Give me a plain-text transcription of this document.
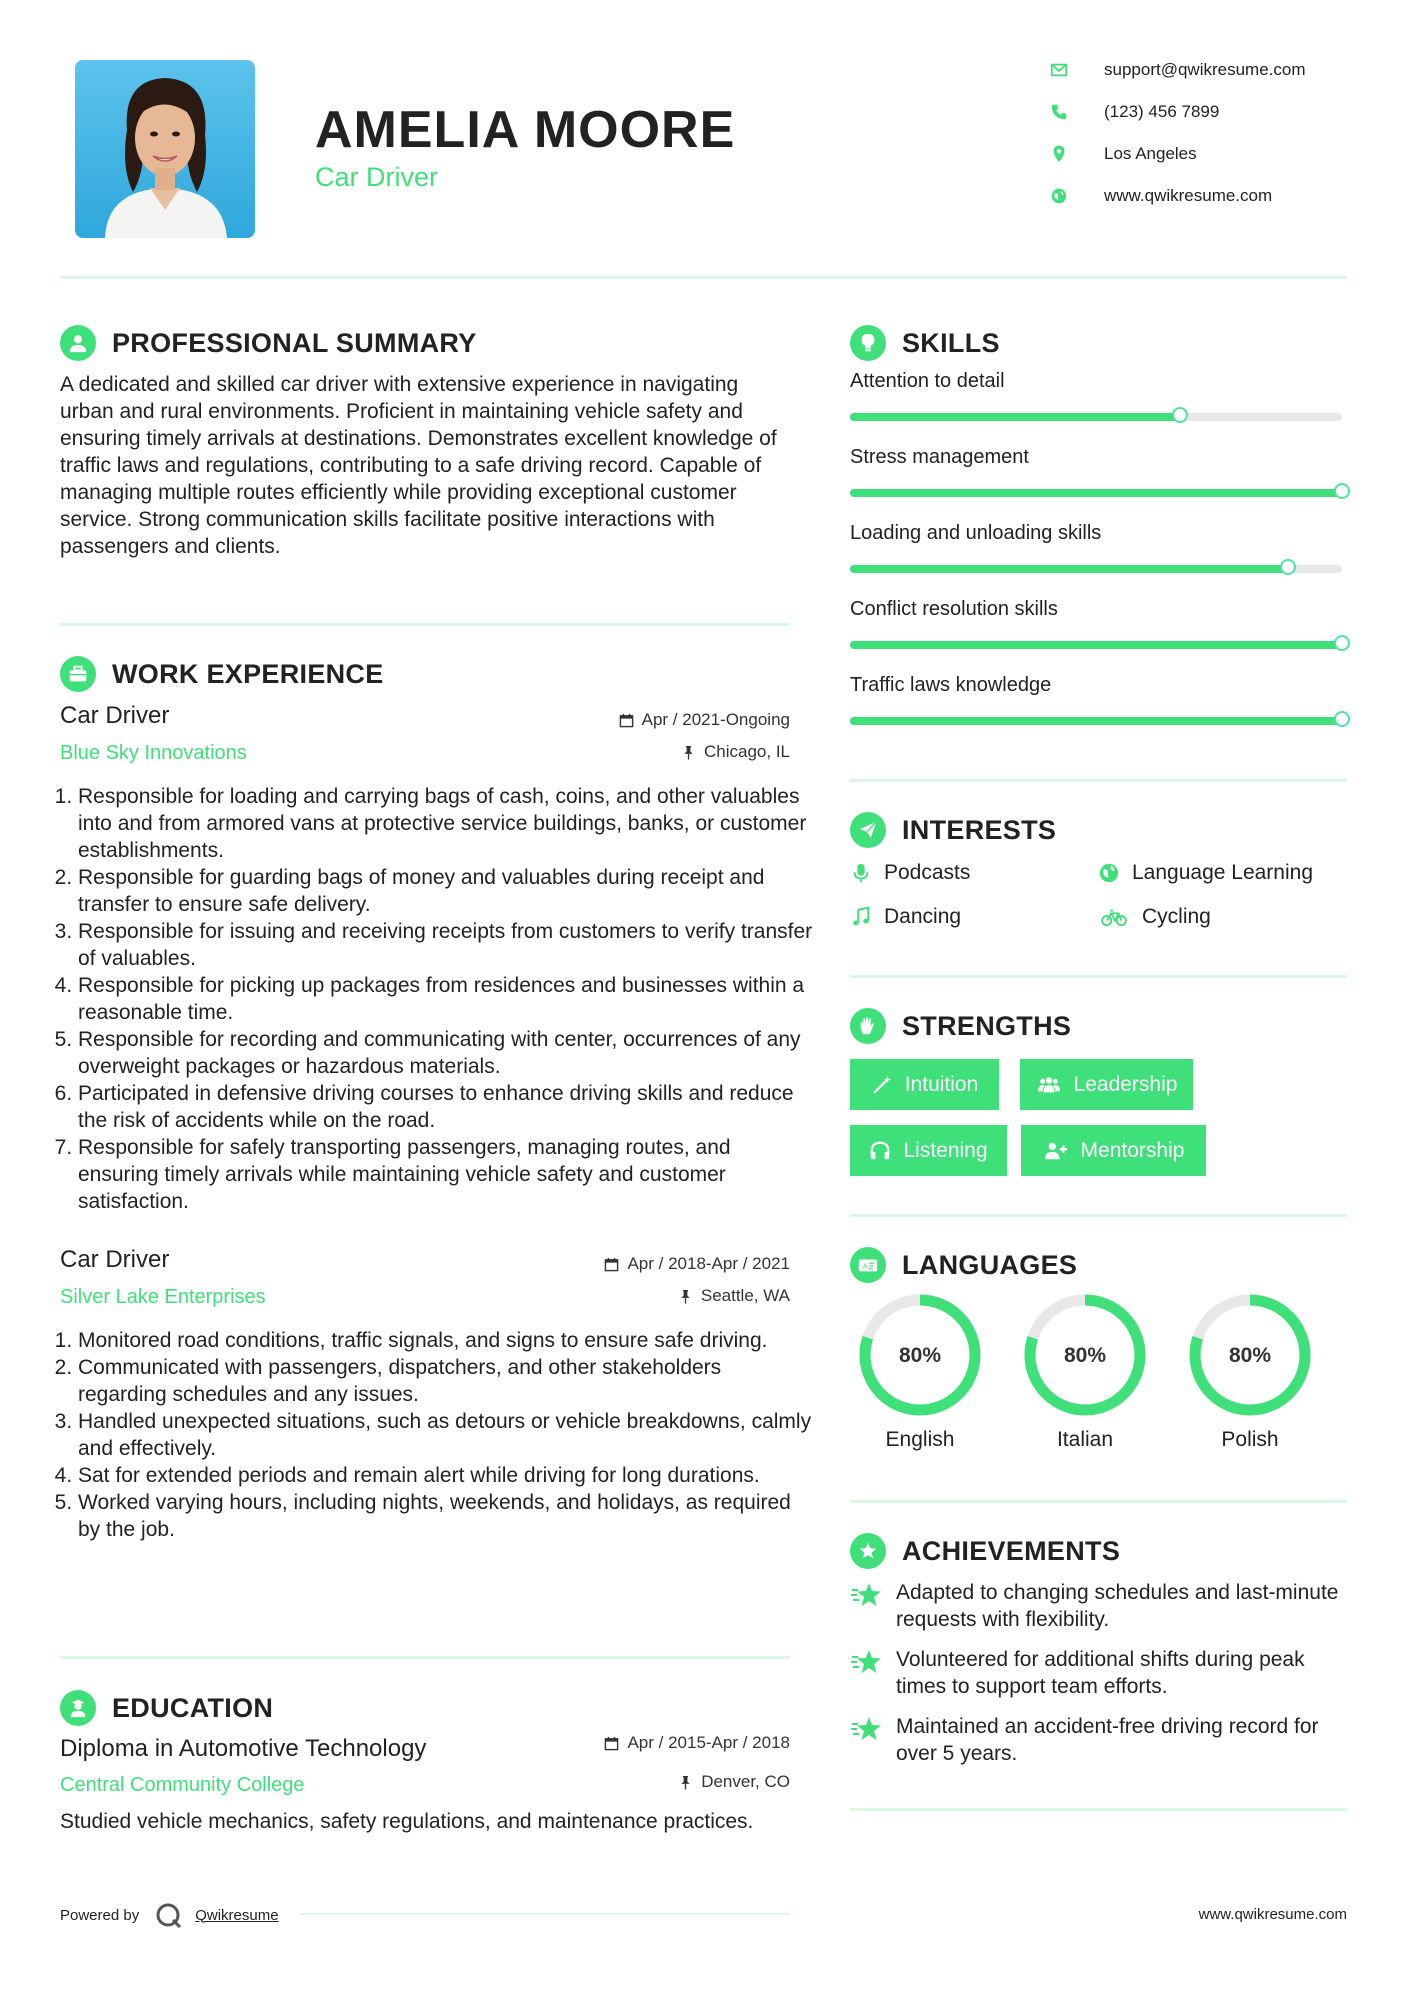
AMELIA MOORE
Car Driver
support@qwikresume.com
(123) 456 7899
Los Angeles
www.qwikresume.com
PROFESSIONAL SUMMARY
A dedicated and skilled car driver with extensive experience in navigating urban and rural environments. Proficient in maintaining vehicle safety and ensuring timely arrivals at destinations. Demonstrates excellent knowledge of traffic laws and regulations, contributing to a safe driving record. Capable of managing multiple routes efficiently while providing exceptional customer service. Strong communication skills facilitate positive interactions with passengers and clients.
WORK EXPERIENCE
Car Driver	Apr / 2021-Ongoing
Blue Sky Innovations	Chicago, IL
1. Responsible for loading and carrying bags of cash, coins, and other valuables into and from armored vans at protective service buildings, banks, or customer establishments.
2. Responsible for guarding bags of money and valuables during receipt and transfer to ensure safe delivery.
3. Responsible for issuing and receiving receipts from customers to verify transfer of valuables.
4. Responsible for picking up packages from residences and businesses within a reasonable time.
5. Responsible for recording and communicating with center, occurrences of any overweight packages or hazardous materials.
6. Participated in defensive driving courses to enhance driving skills and reduce the risk of accidents while on the road.
7. Responsible for safely transporting passengers, managing routes, and ensuring timely arrivals while maintaining vehicle safety and customer satisfaction.
Car Driver	Apr / 2018-Apr / 2021
Silver Lake Enterprises	Seattle, WA
1. Monitored road conditions, traffic signals, and signs to ensure safe driving.
2. Communicated with passengers, dispatchers, and other stakeholders regarding schedules and any issues.
3. Handled unexpected situations, such as detours or vehicle breakdowns, calmly and effectively.
4. Sat for extended periods and remain alert while driving for long durations.
5. Worked varying hours, including nights, weekends, and holidays, as required by the job.
EDUCATION
Diploma in Automotive Technology	Apr / 2015-Apr / 2018
Central Community College	Denver, CO
Studied vehicle mechanics, safety regulations, and maintenance practices.
SKILLS
Attention to detail
Stress management
Loading and unloading skills
Conflict resolution skills
Traffic laws knowledge
INTERESTS
Podcasts	Language Learning
Dancing	Cycling
STRENGTHS
Intuition	Leadership
Listening	Mentorship
A LANGUAGES
80%
English
80%
Italian
80%
Polish
ACHIEVEMENTS
Adapted to changing schedules and last-minute requests with flexibility.
Volunteered for additional shifts during peak times to support team efforts.
Maintained an accident-free driving record for over 5 years.
Powered by	Qwikresume	www.qwikresume.com
